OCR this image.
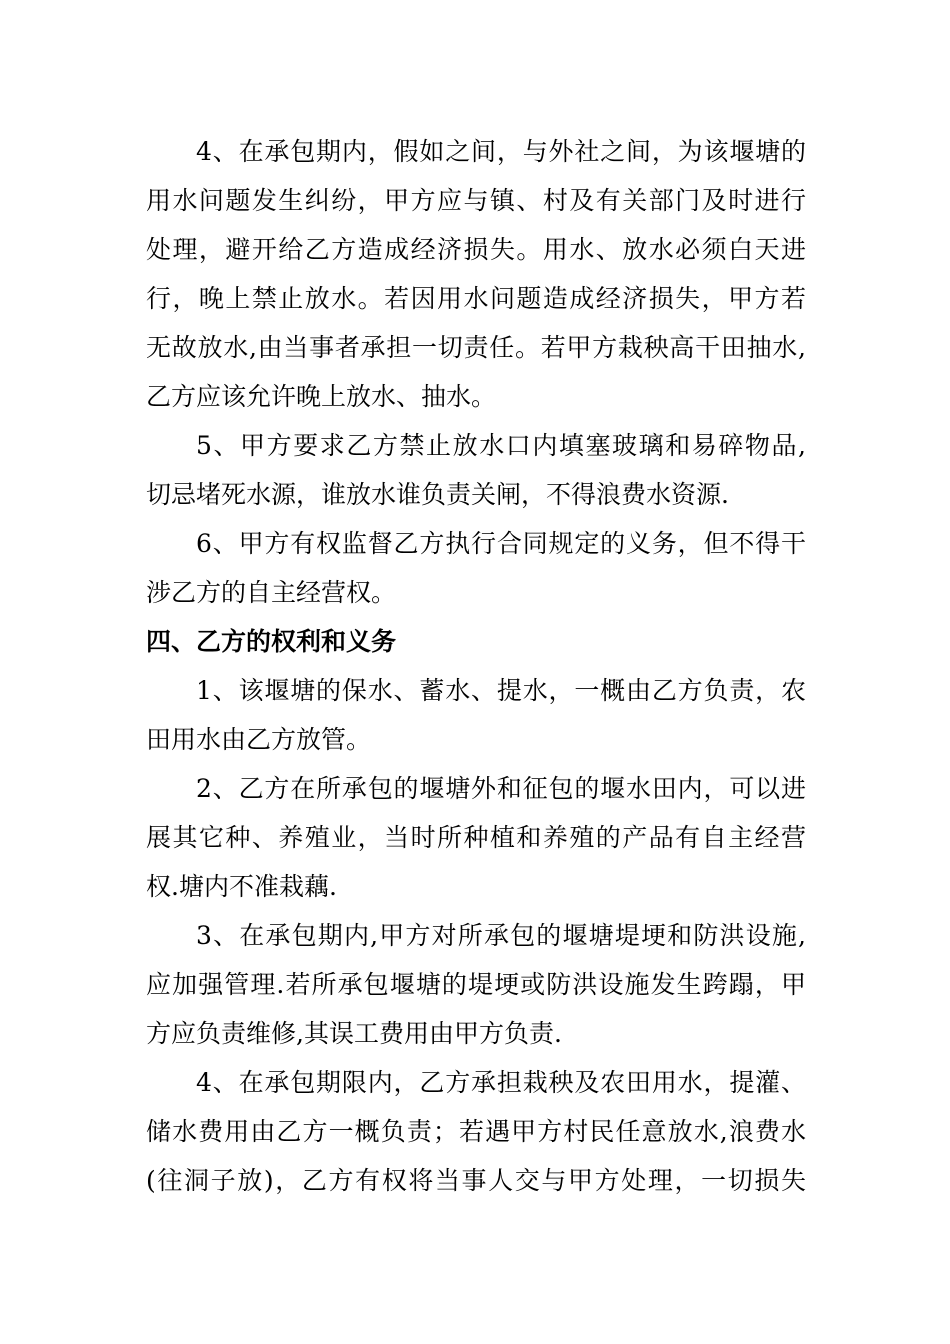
4、在承包期内，假如之间，与外社之间，为该堰塘的
用水问题发生纠纷，甲方应与镇、村及有关部门及时进行
处理，避开给乙方造成经济损失。用水、放水必须白天进
行，晚上禁止放水。若因用水问题造成经济损失，甲方若
无故放水,由当事者承担一切责任。若甲方栽秧高干田抽水,
乙方应该允许晚上放水、抽水。
5、甲方要求乙方禁止放水口内填塞玻璃和易碎物品,
切忌堵死水源，谁放水谁负责关闸，不得浪费水资源.
6、甲方有权监督乙方执行合同规定的义务，但不得干
涉乙方的自主经营权。
四、乙方的权利和义务
1、该堰塘的保水、蓄水、提水，一概由乙方负责，农
田用水由乙方放管。
2、乙方在所承包的堰塘外和征包的堰水田内，可以进
展其它种、养殖业，当时所种植和养殖的产品有自主经营
权.塘内不准栽藕.
3、在承包期内,甲方对所承包的堰塘堤埂和防洪设施,
应加强管理.若所承包堰塘的堤埂或防洪设施发生跨蹋，甲
方应负责维修,其误工费用由甲方负责.
4、在承包期限内，乙方承担栽秧及农田用水，提灌、
储水费用由乙方一概负责；若遇甲方村民任意放水,浪费水
(往洞子放)，乙方有权将当事人交与甲方处理，一切损失
